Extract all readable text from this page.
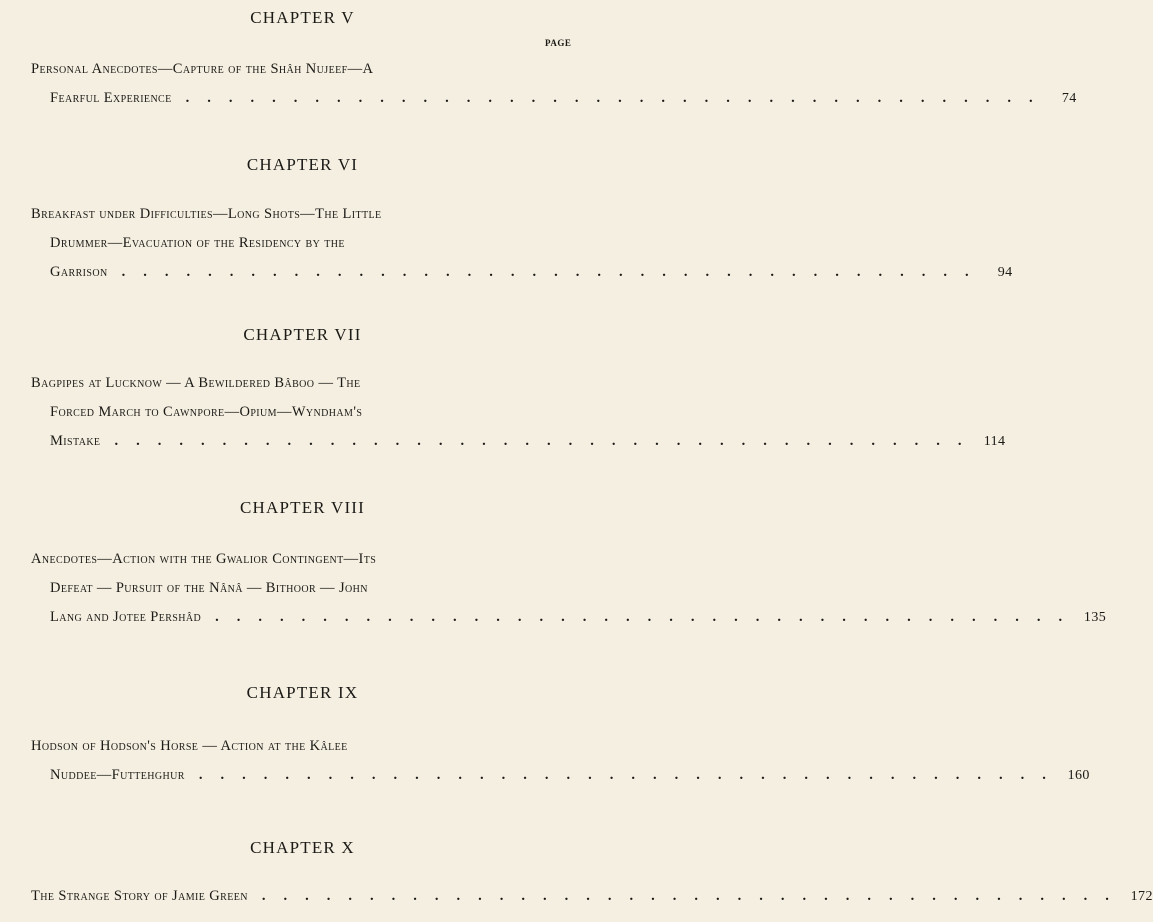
PAGE
CHAPTER V
Personal Anecdotes—Capture of the Shâh Nujeef—A
Fearful Experience ........................................ 74
CHAPTER VI
Breakfast under Difficulties—Long Shots—The Little
Drummer—Evacuation of the Residency by the
Garrison ........................................ 94
CHAPTER VII
Bagpipes at Lucknow — A Bewildered Bâboo — The
Forced March to Cawnpore—Opium—Wyndham's
Mistake ........................................ 114
CHAPTER VIII
Anecdotes—Action with the Gwalior Contingent—Its
Defeat — Pursuit of the Nânâ — Bithoor — John
Lang and Jotee Pershâd ........................................ 135
CHAPTER IX
Hodson of Hodson's Horse — Action at the Kâlee
Nuddee—Futtehghur ........................................ 160
CHAPTER X
The Strange Story of Jamie Green ........................................ 172
